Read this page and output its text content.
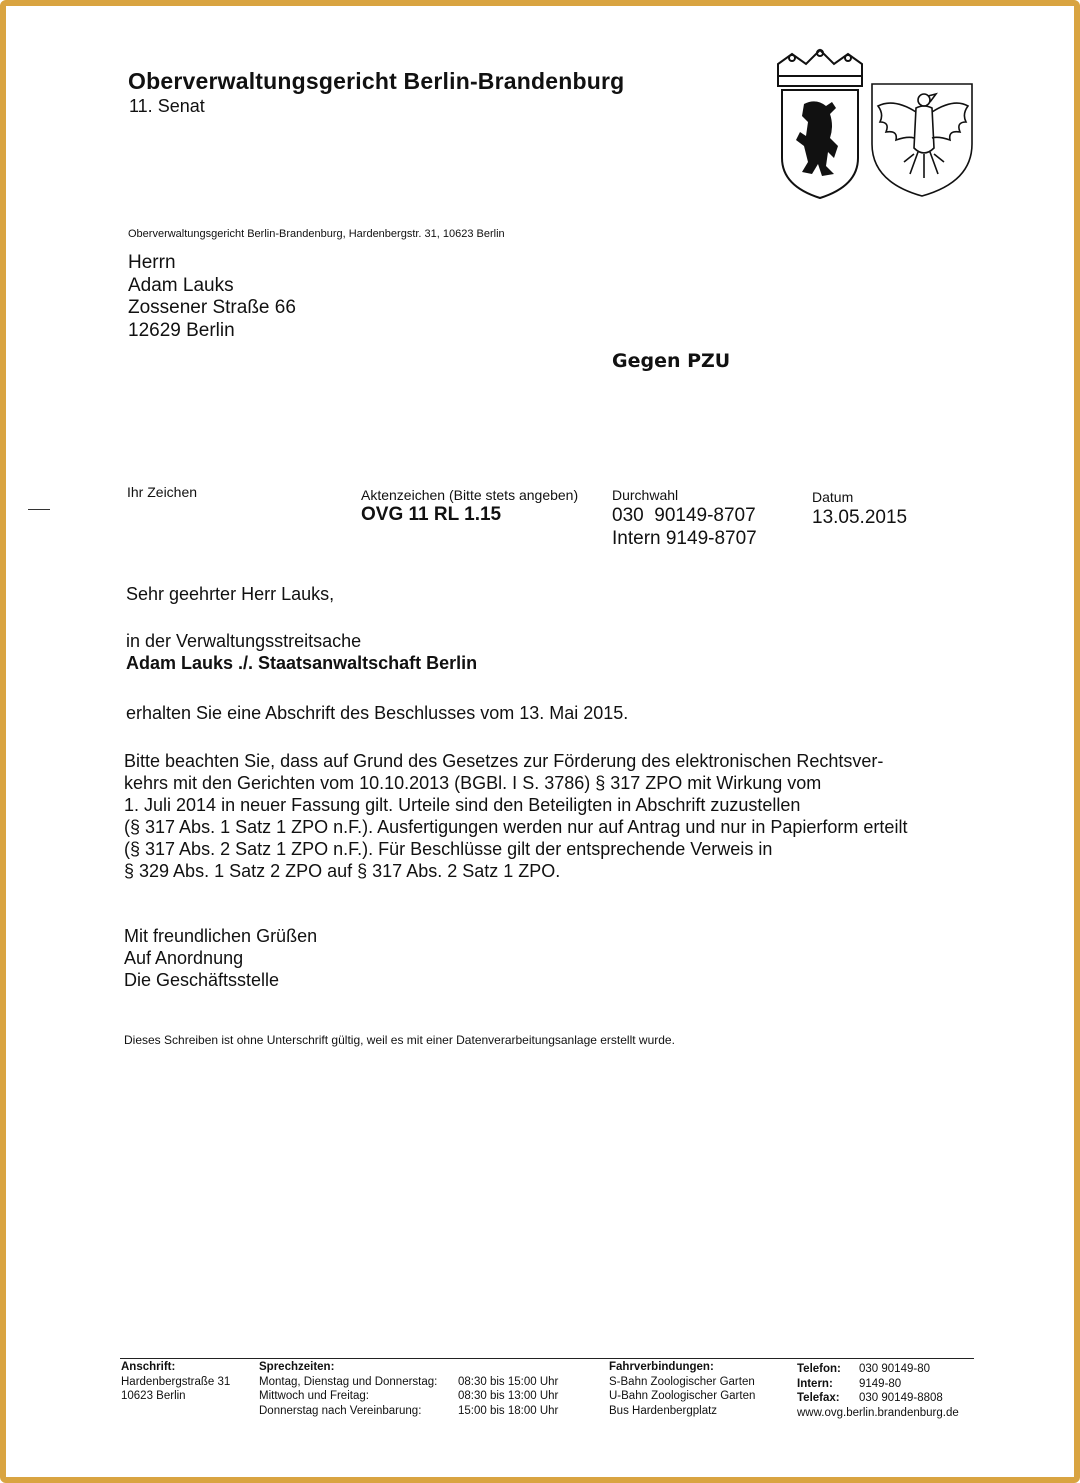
Oberverwaltungsgericht Berlin-Brandenburg
11. Senat
Oberverwaltungsgericht Berlin-Brandenburg, Hardenbergstr. 31, 10623 Berlin
Herrn
Adam Lauks
Zossener Straße 66
12629 Berlin
Gegen PZU
Ihr Zeichen	Aktenzeichen (Bitte stets angeben)
OVG 11 RL 1.15
Durchwahl
030  90149-8707
Intern 9149-8707
Datum
13.05.2015
Sehr geehrter Herr Lauks,
in der Verwaltungsstreitsache
Adam Lauks ./. Staatsanwaltschaft Berlin
erhalten Sie eine Abschrift des Beschlusses vom 13. Mai 2015.
Bitte beachten Sie, dass auf Grund des Gesetzes zur Förderung des elektronischen Rechtsver-
kehrs mit den Gerichten vom 10.10.2013 (BGBl. I S. 3786) § 317 ZPO mit Wirkung vom
1. Juli 2014 in neuer Fassung gilt. Urteile sind den Beteiligten in Abschrift zuzustellen
(§ 317 Abs. 1 Satz 1 ZPO n.F.). Ausfertigungen werden nur auf Antrag und nur in Papierform erteilt
(§ 317 Abs. 2 Satz 1 ZPO n.F.). Für Beschlüsse gilt der entsprechende Verweis in
§ 329 Abs. 1 Satz 2 ZPO auf § 317 Abs. 2 Satz 1 ZPO.
Mit freundlichen Grüßen
Auf Anordnung
Die Geschäftsstelle
Dieses Schreiben ist ohne Unterschrift gültig, weil es mit einer Datenverarbeitungsanlage erstellt wurde.
Anschrift:
Hardenbergstraße 31
10623 Berlin
Sprechzeiten:
Montag, Dienstag und Donnerstag:
Mittwoch und Freitag:
Donnerstag nach Vereinbarung:
08:30 bis 15:00 Uhr
08:30 bis 13:00 Uhr
15:00 bis 18:00 Uhr
Fahrverbindungen:
S-Bahn Zoologischer Garten
U-Bahn Zoologischer Garten
Bus Hardenbergplatz
Telefon: 030 90149-80
Intern: 9149-80
Telefax: 030 90149-8808
www.ovg.berlin.brandenburg.de
